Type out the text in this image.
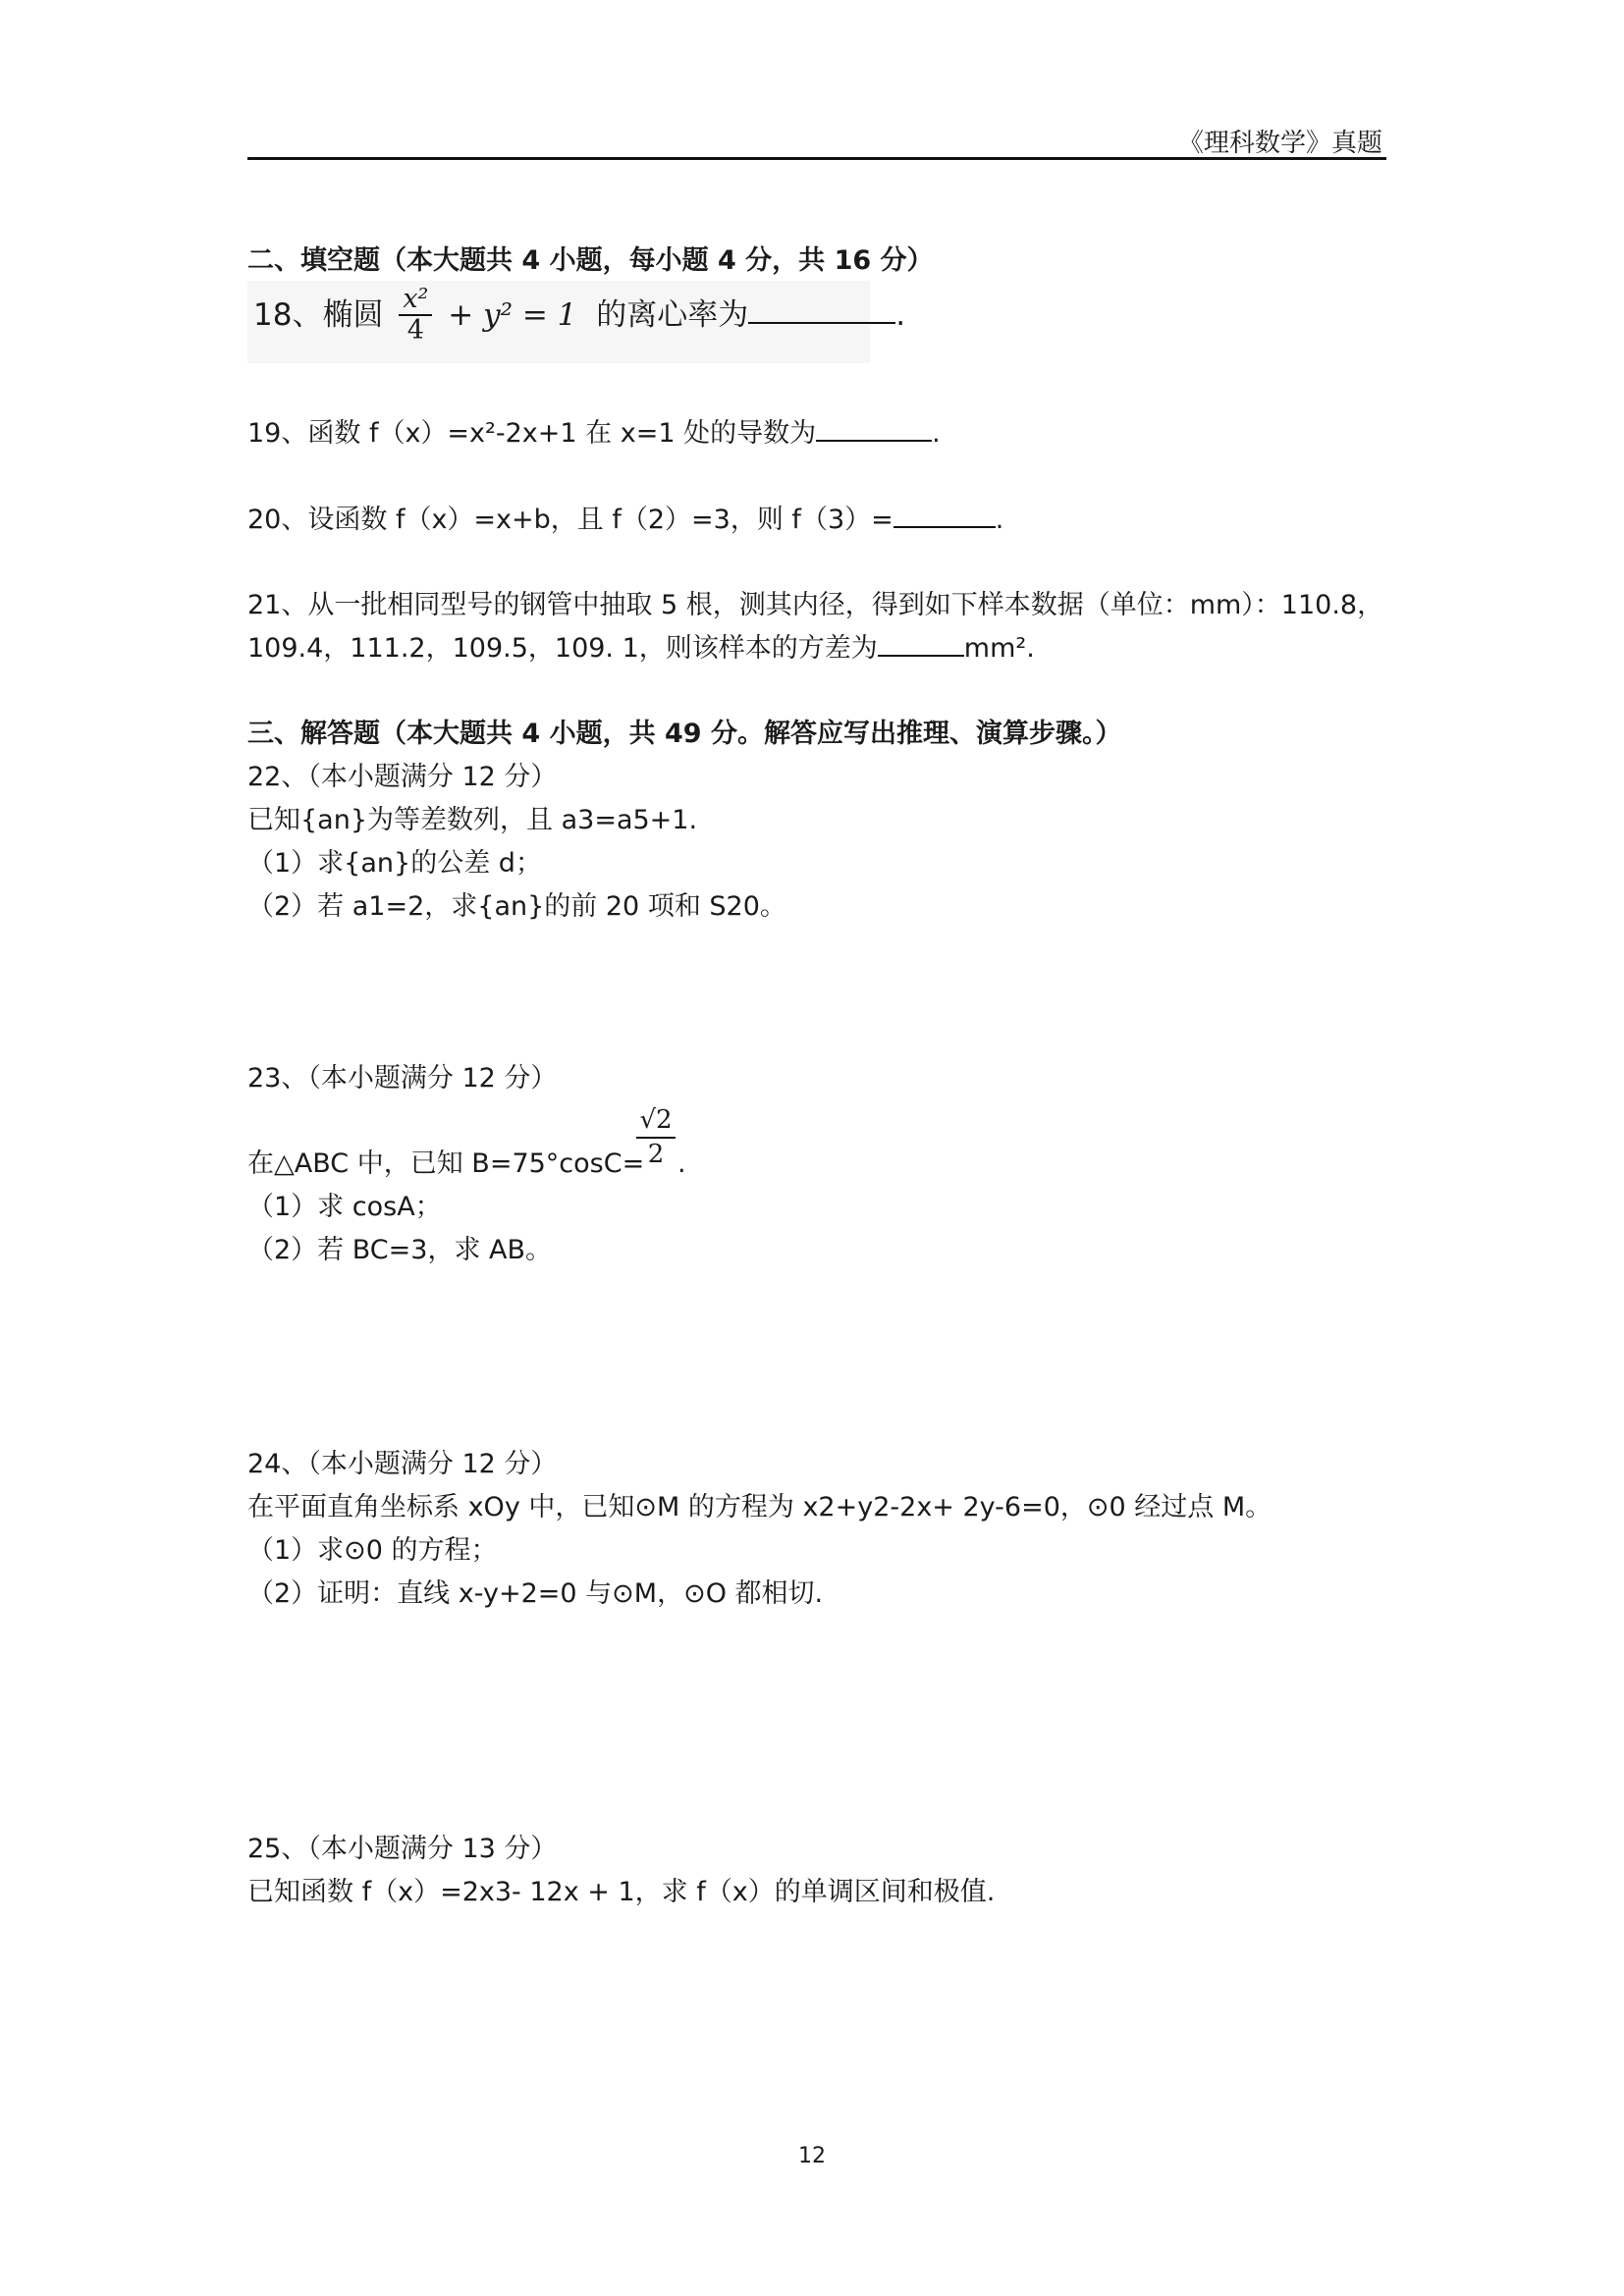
《理科数学》真题
二、填空题（本大题共 4 小题，每小题 4 分，共 16 分）
18、椭圆 $\frac{\text{x²}}{4} + y^2 = 1$ 的离心率为	.
19、函数 f（x）=x²-2x+1 在 x=1 处的导数为	.
20、设函数 f（x）=x+b，且 f（2）=3，则 f（3）=	.
21、从一批相同型号的钢管中抽取 5 根，测其内径，得到如下样本数据（单位：mm）：110.8，
109.4，111.2，109.5，109. 1，则该样本的方差为	mm².
三、解答题（本大题共 4 小题，共 49 分。解答应写出推理、演算步骤。）
22、（本小题满分 12 分）
已知{an}为等差数列，且 a3=a5+1.
（1）求{an}的公差 d；
（2）若 a1=2，求{an}的前 20 项和 S20。
23、（本小题满分 12 分）
在△ABC 中，已知 B=75°cosC=
$\frac{√2}{2}$ .
（1）求 cosA；
（2）若 BC=3，求 AB。
24、（本小题满分 12 分）
在平面直角坐标系 xOy 中，已知⊙M 的方程为 x2+y2-2x+ 2y-6=0，⊙0 经过点 M。
（1）求⊙0 的方程；
（2）证明：直线 x-y+2=0 与⊙M，⊙O 都相切.
25、（本小题满分 13 分）
已知函数 f（x）=2x3- 12x + 1，求 f（x）的单调区间和极值.
12
